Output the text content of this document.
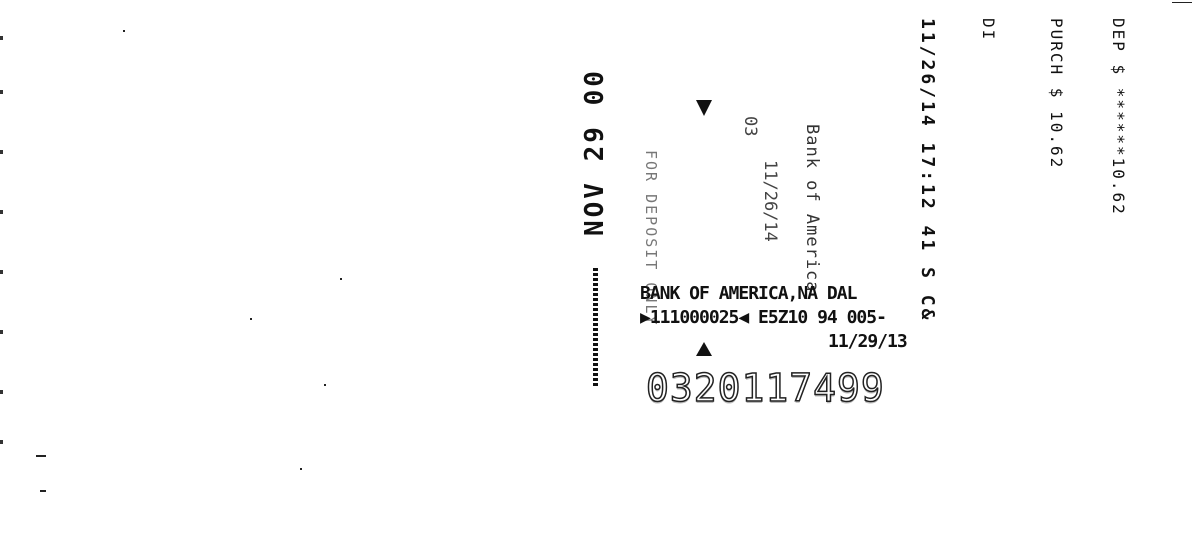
DEP $ ******10.62
PURCH $ 10.62
DI
11/26/14 17:12 41 S C&
Bank of America
11/26/14
03
FOR DEPOSIT ONLY
NOV 29 00
BANK OF AMERICA,NA DAL
▶111000025◀ E5Z10 94 005-
11/29/13
0320117499
